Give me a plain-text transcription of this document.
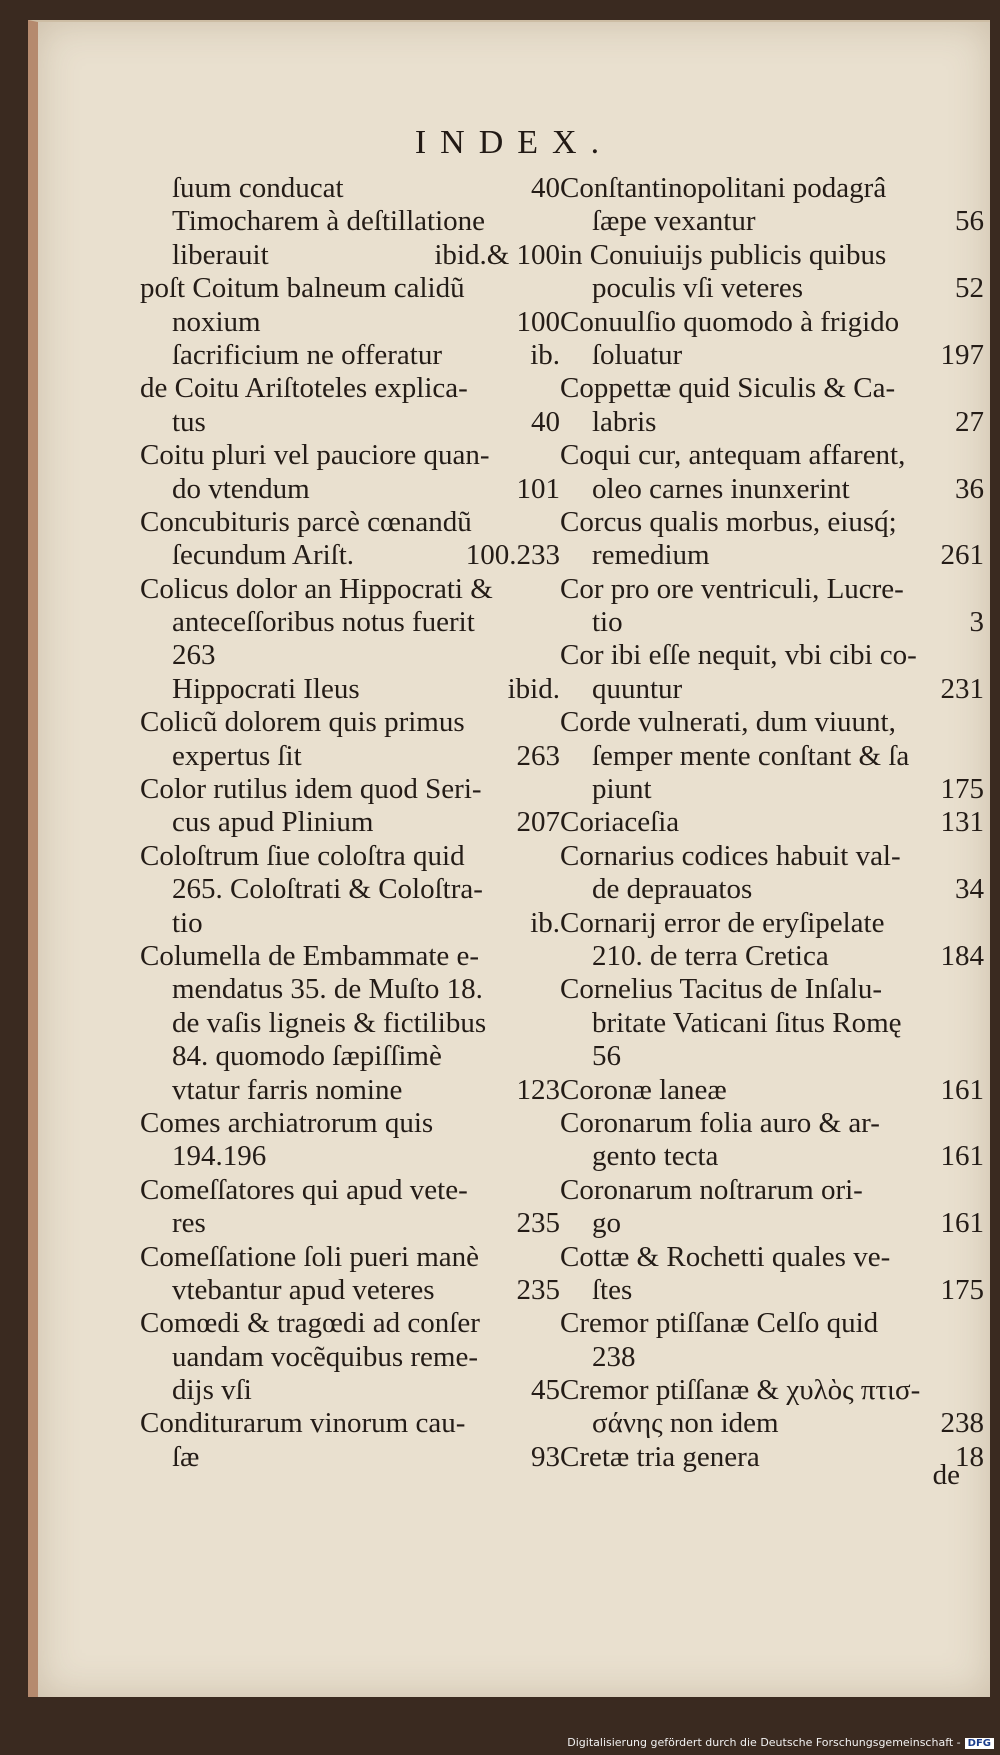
INDEX.
ſuum conducat	40
Timocharem à deſtillatione
liberauit	ibid.& 100
poſt Coitum balneum calidũ
noxium	100
ſacrificium ne offeratur	ib.
de Coitu Ariſtoteles explica-
tus	40
Coitu pluri vel pauciore quan-
do vtendum	101
Concubituris parcè cœnandũ
ſecundum Ariſt.	100.233
Colicus dolor an Hippocrati &
anteceſſoribus notus fuerit
263
Hippocrati Ileus	ibid.
Colicũ dolorem quis primus
expertus ſit	263
Color rutilus idem quod Seri-
cus apud Plinium	207
Coloſtrum ſiue coloſtra quid
265. Coloſtrati & Coloſtra-
tio	ib.
Columella de Embammate e-
mendatus 35. de Muſto 18.
de vaſis ligneis & fictilibus
84. quomodo ſæpiſſimè
vtatur farris nomine	123
Comes archiatrorum quis
194.196
Comeſſatores qui apud vete-
res	235
Comeſſatione ſoli pueri manè
vtebantur apud veteres	235
Comœdi & tragœdi ad conſer
uandam vocẽquibus reme-
dijs vſi	45
Conditurarum vinorum cau-
ſæ	93
Conſtantinopolitani podagrâ
ſæpe vexantur	56
in Conuiuijs publicis quibus
poculis vſi veteres	52
Conuulſio quomodo à frigido
ſoluatur	197
Coppettæ quid Siculis & Ca-
labris	27
Coqui cur, antequam affarent,
oleo carnes inunxerint	36
Corcus qualis morbus, eiusq́;
remedium	261
Cor pro ore ventriculi, Lucre-
tio	3
Cor ibi eſſe nequit, vbi cibi co-
quuntur	231
Corde vulnerati, dum viuunt,
ſemper mente conſtant & ſa
piunt	175
Coriaceſia	131
Cornarius codices habuit val-
de deprauatos	34
Cornarij error de eryſipelate
210. de terra Cretica	184
Cornelius Tacitus de Inſalu-
britate Vaticani ſitus Romę
56
Coronæ laneæ	161
Coronarum folia auro & ar-
gento tecta	161
Coronarum noſtrarum ori-
go	161
Cottæ & Rochetti quales ve-
ſtes	175
Cremor ptiſſanæ Celſo quid
238
Cremor ptiſſanæ & χυλὸς πτισ-
σάνης non idem	238
Cretæ tria genera	18
de
Digitalisierung gefördert durch die Deutsche Forschungsgemeinschaft - DFG
